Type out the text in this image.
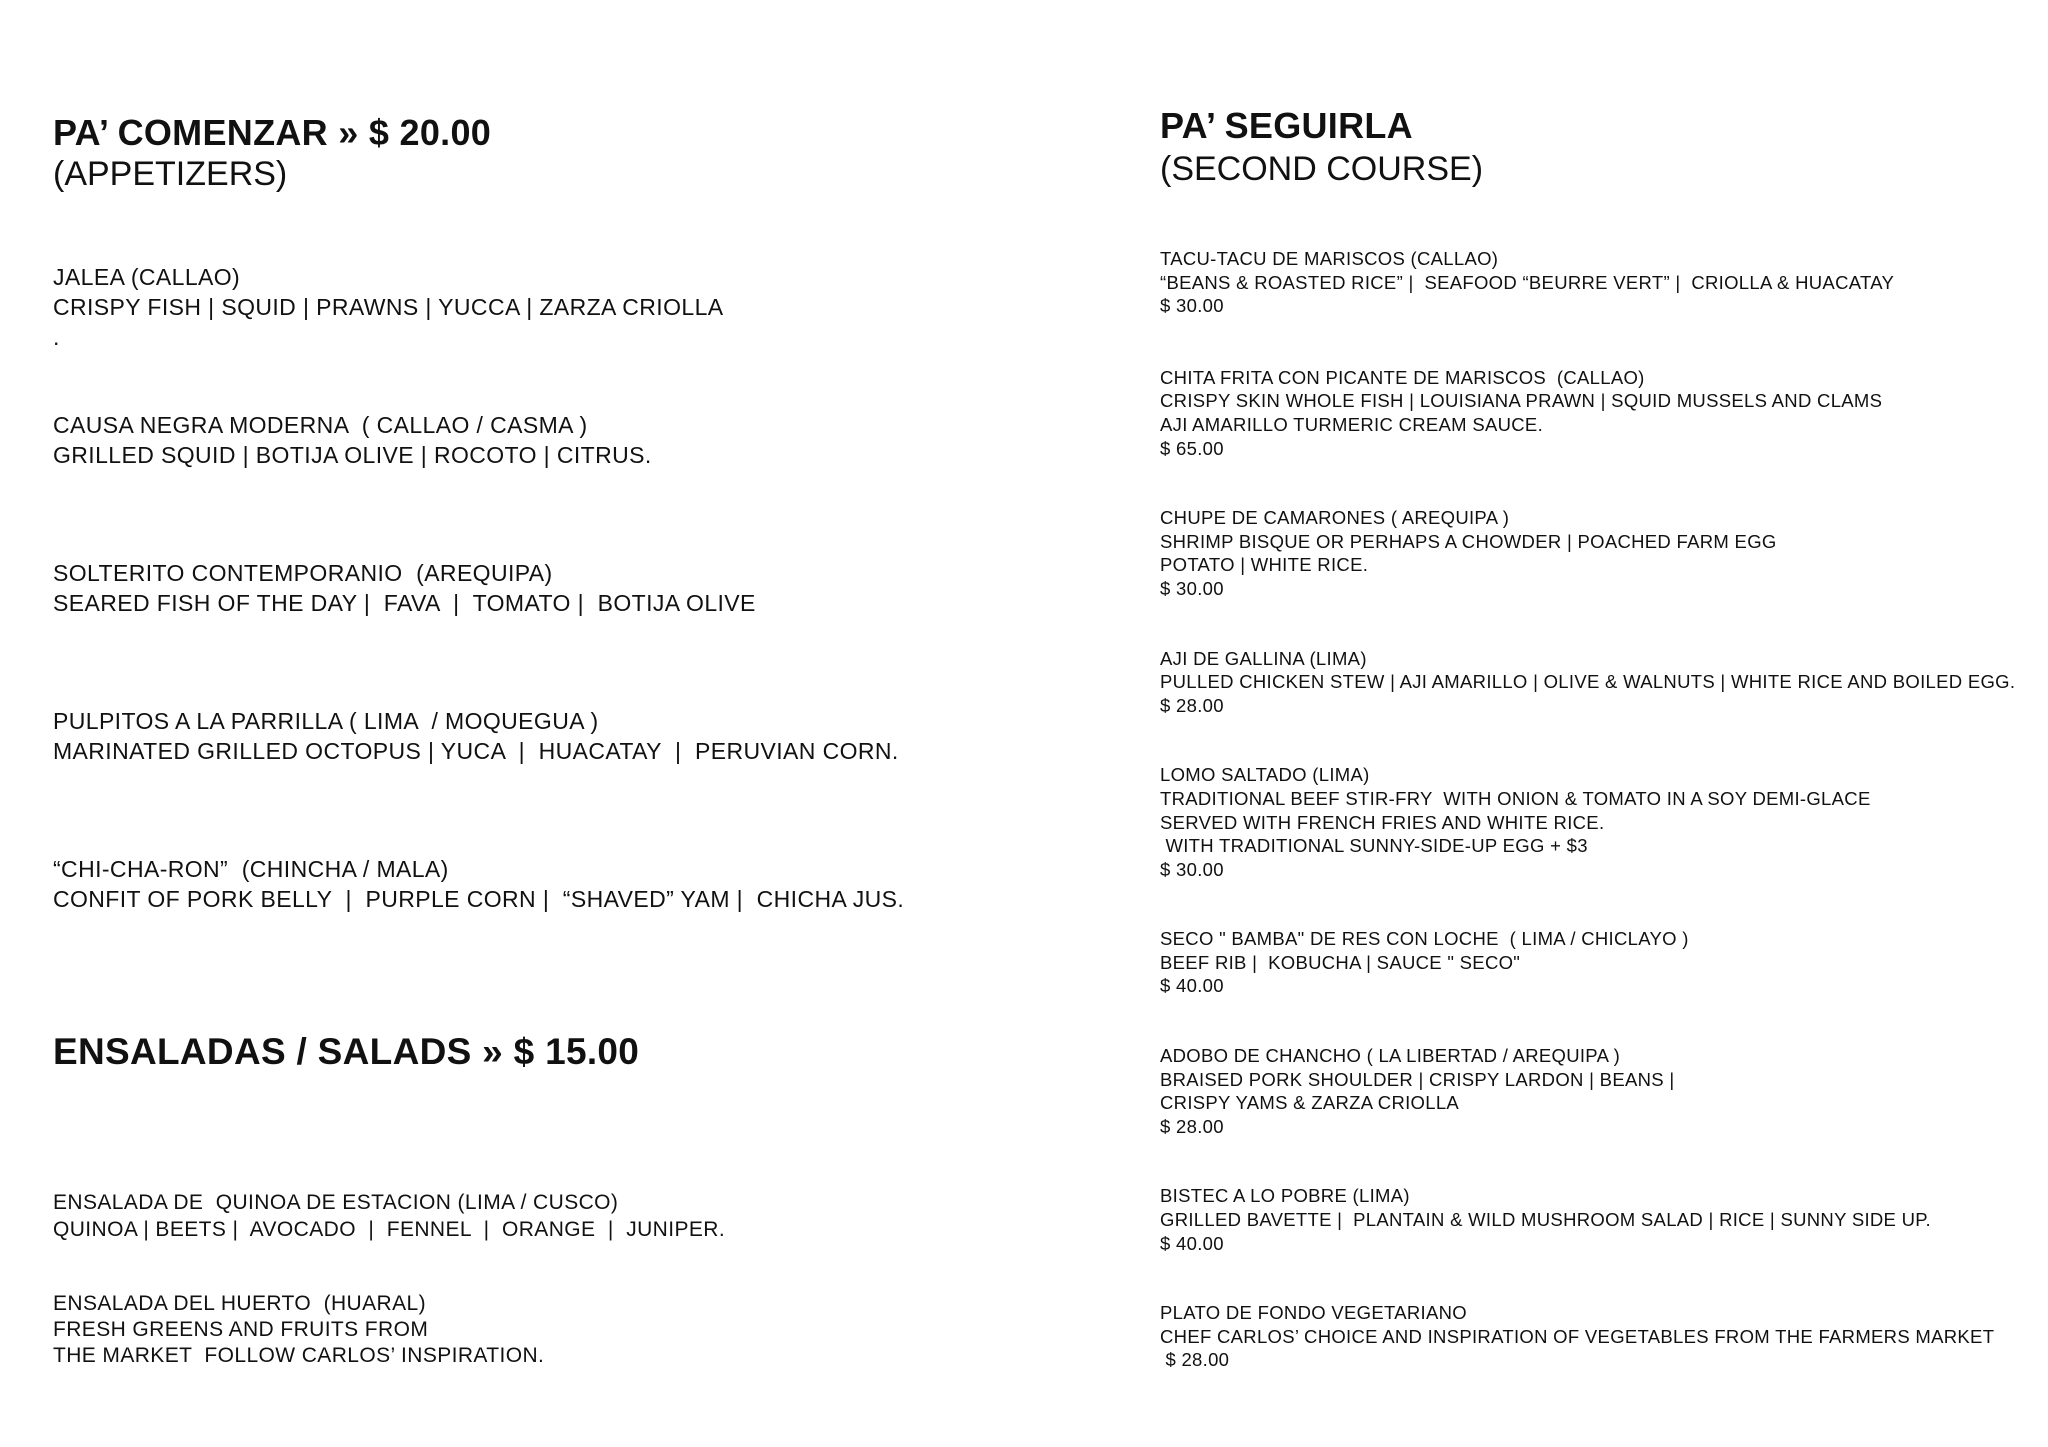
PA’ COMENZAR » $ 20.00
(APPETIZERS)
JALEA (CALLAO)
CRISPY FISH | SQUID | PRAWNS | YUCCA | ZARZA CRIOLLA
.
CAUSA NEGRA MODERNA  ( CALLAO / CASMA )
GRILLED SQUID | BOTIJA OLIVE | ROCOTO | CITRUS.
SOLTERITO CONTEMPORANIO  (AREQUIPA)
SEARED FISH OF THE DAY |  FAVA  |  TOMATO |  BOTIJA OLIVE
PULPITOS A LA PARRILLA ( LIMA  / MOQUEGUA )
MARINATED GRILLED OCTOPUS | YUCA  |  HUACATAY  |  PERUVIAN CORN.
“CHI-CHA-RON”  (CHINCHA / MALA)
CONFIT OF PORK BELLY  |  PURPLE CORN |  “SHAVED” YAM |  CHICHA JUS.
ENSALADAS / SALADS » $ 15.00
ENSALADA DE  QUINOA DE ESTACION (LIMA / CUSCO)
QUINOA | BEETS |  AVOCADO  |  FENNEL  |  ORANGE  |  JUNIPER.
ENSALADA DEL HUERTO  (HUARAL)
FRESH GREENS AND FRUITS FROM
THE MARKET  FOLLOW CARLOS’ INSPIRATION.
PA’ SEGUIRLA
(SECOND COURSE)
TACU-TACU DE MARISCOS (CALLAO)
“BEANS & ROASTED RICE” |  SEAFOOD “BEURRE VERT” |  CRIOLLA & HUACATAY
$ 30.00
CHITA FRITA CON PICANTE DE MARISCOS  (CALLAO)
CRISPY SKIN WHOLE FISH | LOUISIANA PRAWN | SQUID MUSSELS AND CLAMS
AJI AMARILLO TURMERIC CREAM SAUCE.
$ 65.00
CHUPE DE CAMARONES ( AREQUIPA )
SHRIMP BISQUE OR PERHAPS A CHOWDER | POACHED FARM EGG
POTATO | WHITE RICE.
$ 30.00
AJI DE GALLINA (LIMA)
PULLED CHICKEN STEW | AJI AMARILLO | OLIVE & WALNUTS | WHITE RICE AND BOILED EGG.
$ 28.00
LOMO SALTADO (LIMA)
TRADITIONAL BEEF STIR-FRY  WITH ONION & TOMATO IN A SOY DEMI-GLACE
SERVED WITH FRENCH FRIES AND WHITE RICE.
WITH TRADITIONAL SUNNY-SIDE-UP EGG + $3
$ 30.00
SECO " BAMBA" DE RES CON LOCHE  ( LIMA / CHICLAYO )
BEEF RIB |  KOBUCHA | SAUCE " SECO"
$ 40.00
ADOBO DE CHANCHO ( LA LIBERTAD / AREQUIPA )
BRAISED PORK SHOULDER | CRISPY LARDON | BEANS |
CRISPY YAMS & ZARZA CRIOLLA
$ 28.00
BISTEC A LO POBRE (LIMA)
GRILLED BAVETTE |  PLANTAIN & WILD MUSHROOM SALAD | RICE | SUNNY SIDE UP.
$ 40.00
PLATO DE FONDO VEGETARIANO
CHEF CARLOS’ CHOICE AND INSPIRATION OF VEGETABLES FROM THE FARMERS MARKET
$ 28.00
